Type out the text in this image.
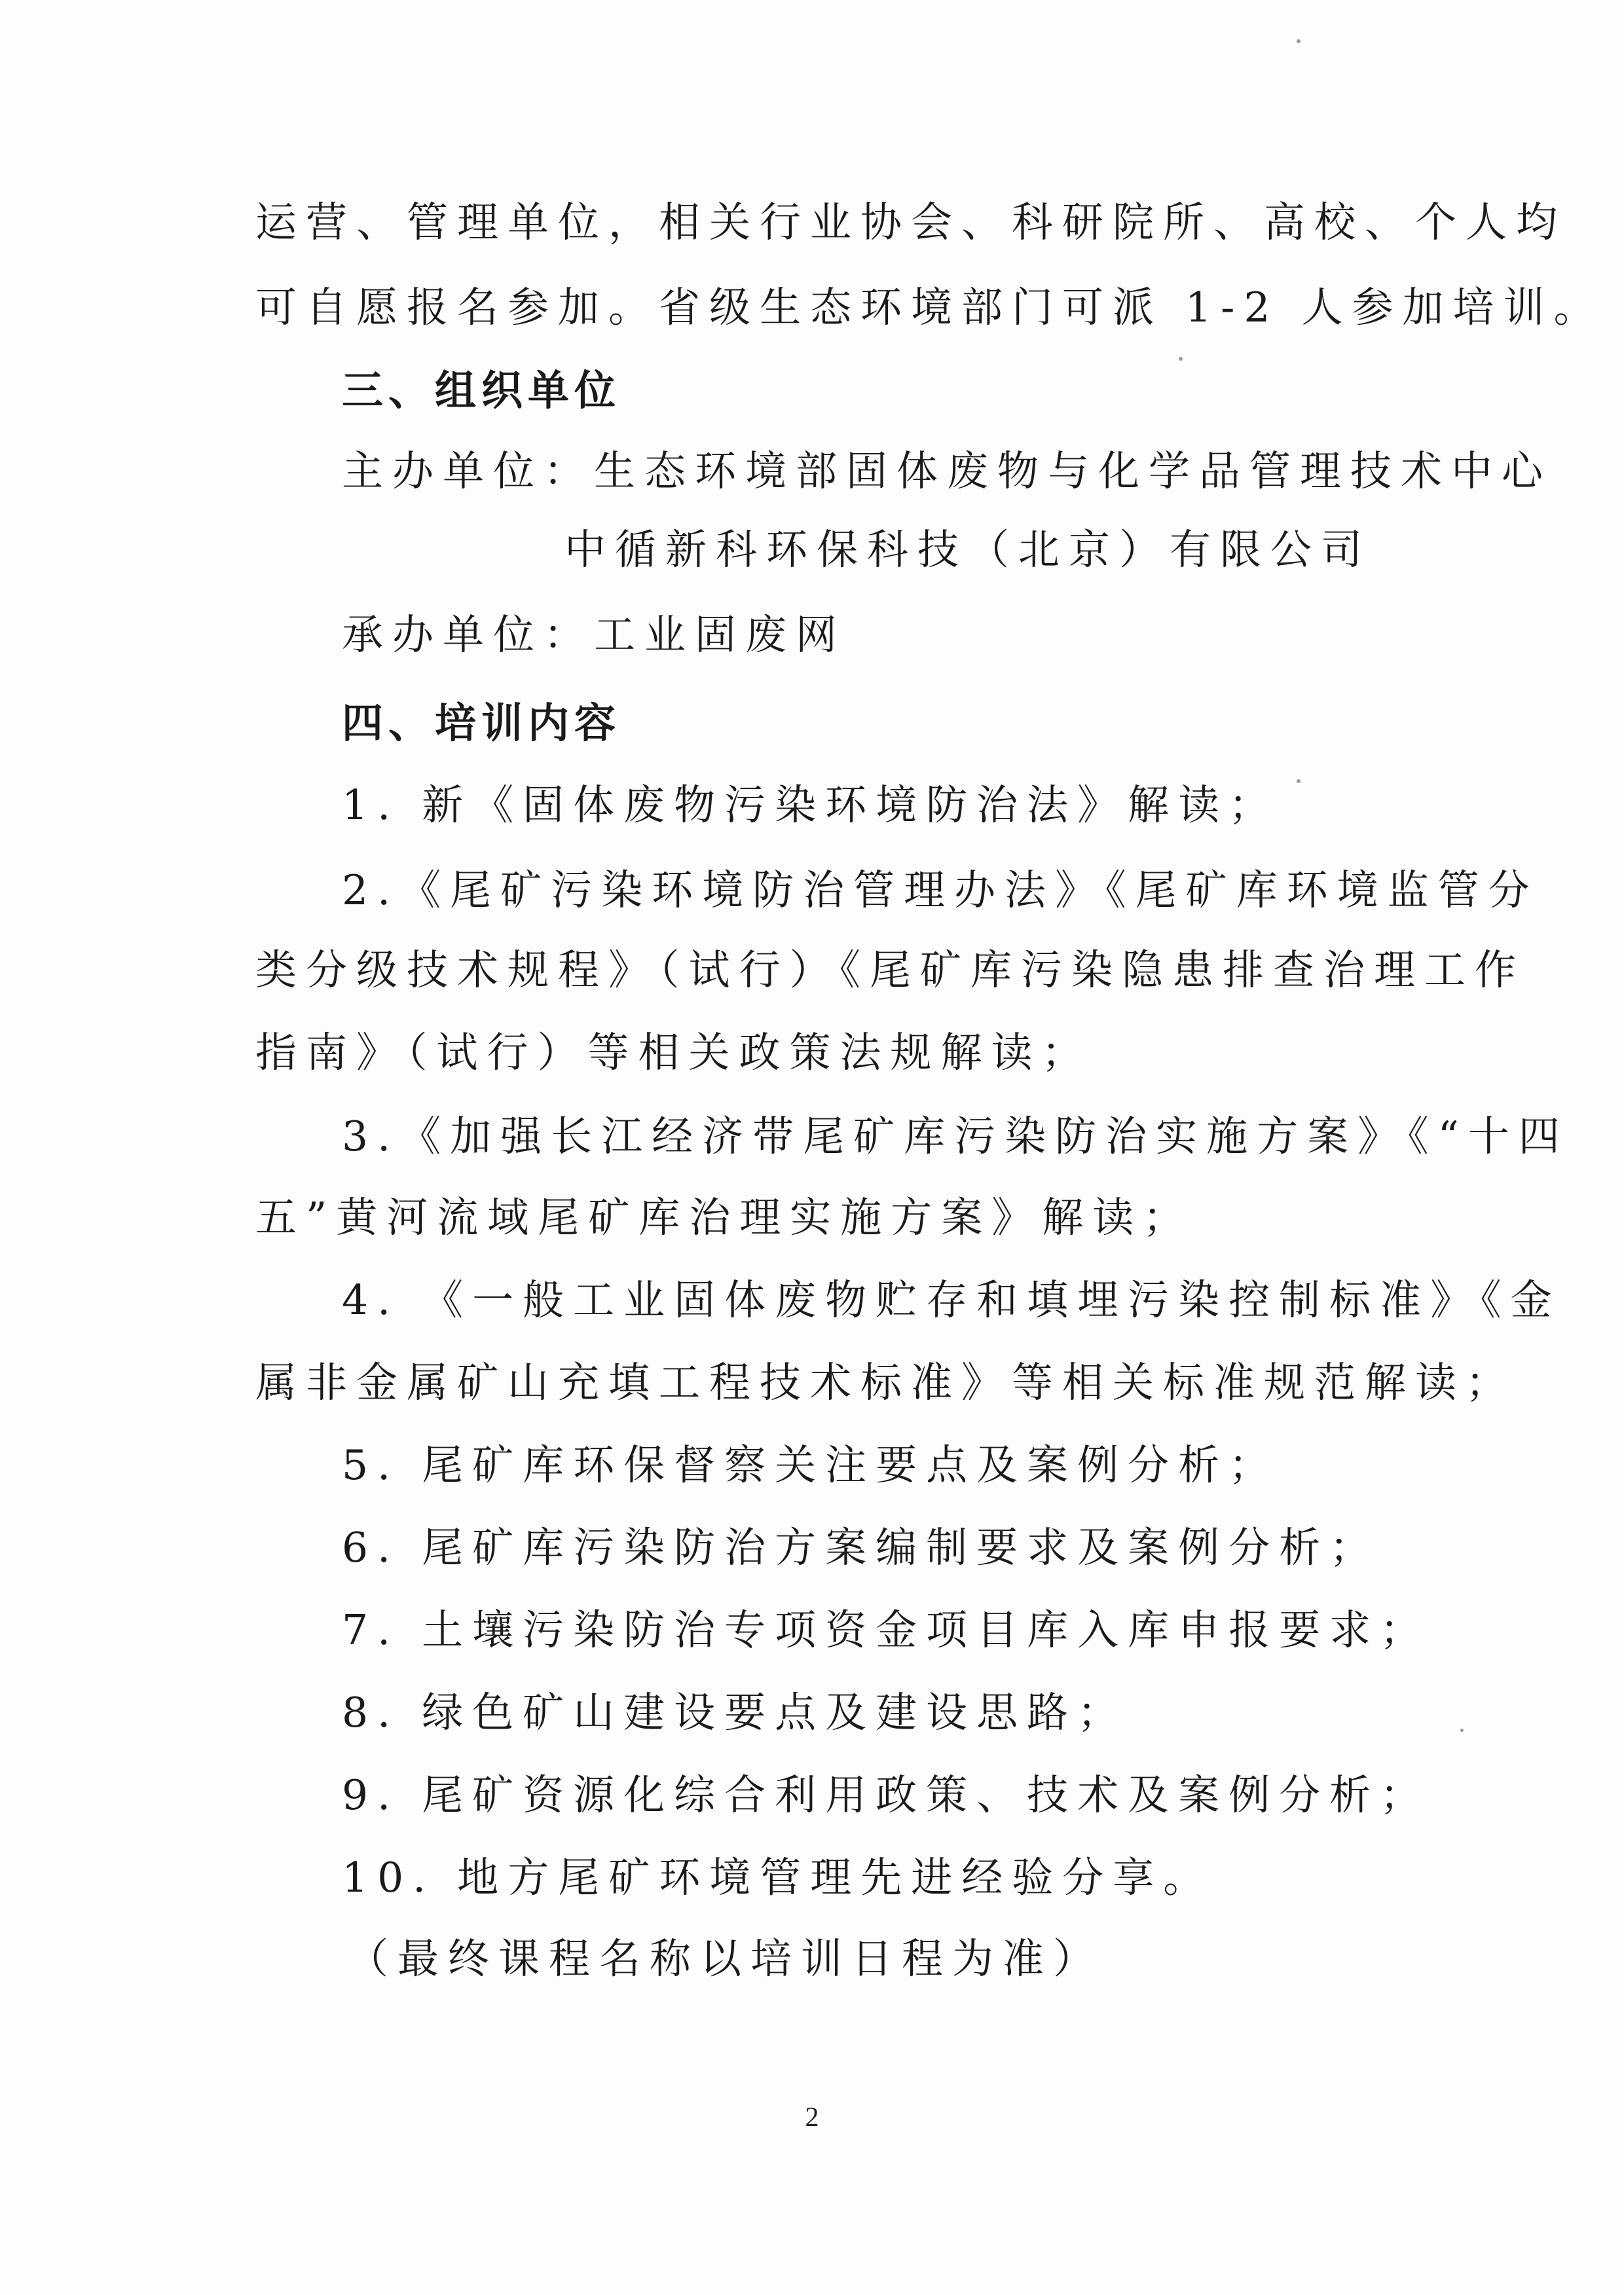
运营、管理单位，相关行业协会、科研院所、高校、个人均
可自愿报名参加。省级生态环境部门可派 1-2 人参加培训。
三、组织单位
主办单位：生态环境部固体废物与化学品管理技术中心
中循新科环保科技（北京）有限公司
承办单位：工业固废网
四、培训内容
1. 新《固体废物污染环境防治法》解读；
2.《尾矿污染环境防治管理办法》《尾矿库环境监管分
类分级技术规程》（试行）《尾矿库污染隐患排查治理工作
指南》（试行）等相关政策法规解读；
3.《加强长江经济带尾矿库污染防治实施方案》《“十四
五”黄河流域尾矿库治理实施方案》解读；
4. 《一般工业固体废物贮存和填埋污染控制标准》《金
属非金属矿山充填工程技术标准》等相关标准规范解读；
5. 尾矿库环保督察关注要点及案例分析；
6. 尾矿库污染防治方案编制要求及案例分析；
7. 土壤污染防治专项资金项目库入库申报要求；
8. 绿色矿山建设要点及建设思路；
9. 尾矿资源化综合利用政策、技术及案例分析；
10. 地方尾矿环境管理先进经验分享。
（最终课程名称以培训日程为准）
2
